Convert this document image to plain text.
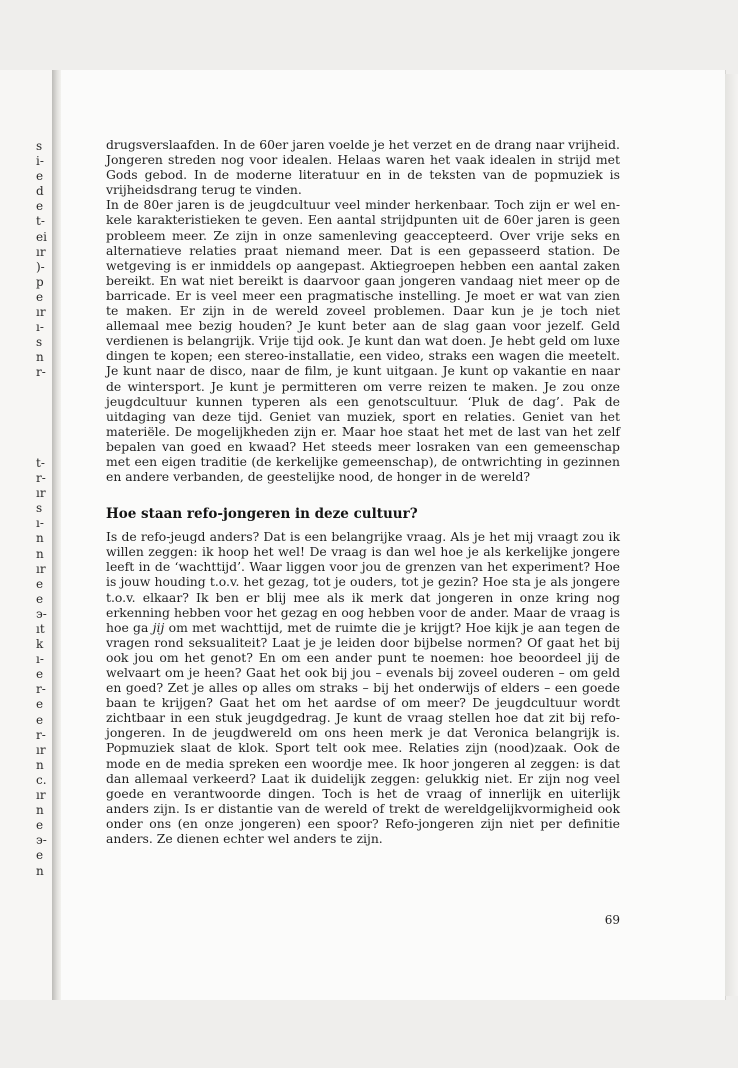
s
i-
e
d
e
t-
ei
ır
)-
p
e
ır
ı-
s
n
r-
t-
r-
ır
s
ı-
n
n
ır
e
e
э-
ıt
k
ı-
e
r-
e
e
r-
ır
n
c.
ır
n
e
э-
e
n

drugsverslaafden. In de 60er jaren voelde je het verzet en de drang naar vrijheid. Jongeren streden nog voor idealen. Helaas waren het vaak idealen in strijd met Gods gebod. In de moderne literatuur en in de teksten van de popmuziek is vrijheidsdrang terug te vinden.

In de 80er jaren is de jeugdcultuur veel minder herkenbaar. Toch zijn er wel enkele karakteristieken te geven. Een aantal strijdpunten uit de 60er jaren is geen probleem meer. Ze zijn in onze samenleving geaccepteerd. Over vrije seks en alternatieve relaties praat niemand meer. Dat is een gepasseerd station. De wetgeving is er inmiddels op aangepast. Aktiegroepen hebben een aantal zaken bereikt. En wat niet bereikt is daarvoor gaan jongeren vandaag niet meer op de barricade. Er is veel meer een pragmatische instelling. Je moet er wat van zien te maken. Er zijn in de wereld zoveel problemen. Daar kun je je toch niet allemaal mee bezig houden? Je kunt beter aan de slag gaan voor jezelf. Geld verdienen is belangrijk. Vrije tijd ook. Je kunt dan wat doen. Je hebt geld om luxe dingen te kopen; een stereo-installatie, een video, straks een wagen die meetelt. Je kunt naar de disco, naar de film, je kunt uitgaan. Je kunt op vakantie en naar de wintersport. Je kunt je permitteren om verre reizen te maken. Je zou onze jeugdcultuur kunnen typeren als een genotscultuur. ‘Pluk de dag’. Pak de uitdaging van deze tijd. Geniet van muziek, sport en relaties. Geniet van het materiële. De mogelijkheden zijn er. Maar hoe staat het met de last van het zelf bepalen van goed en kwaad? Het steeds meer losraken van een gemeenschap met een eigen traditie (de kerkelijke gemeenschap), de ontwrichting in gezinnen en andere verbanden, de geestelijke nood, de honger in de wereld?

Hoe staan refo-jongeren in deze cultuur?

Is de refo-jeugd anders? Dat is een belangrijke vraag. Als je het mij vraagt zou ik willen zeggen: ik hoop het wel! De vraag is dan wel hoe je als kerkelijke jongere leeft in de ‘wachttijd’. Waar liggen voor jou de grenzen van het experiment? Hoe is jouw houding t.o.v. het gezag, tot je ouders, tot je gezin? Hoe sta je als jongere t.o.v. elkaar? Ik ben er blij mee als ik merk dat jongeren in onze kring nog erkenning hebben voor het gezag en oog hebben voor de ander. Maar de vraag is hoe ga jij om met wachttijd, met de ruimte die je krijgt? Hoe kijk je aan tegen de vragen rond seksualiteit? Laat je je leiden door bijbelse normen? Of gaat het bij ook jou om het genot? En om een ander punt te noemen: hoe beoordeel jij de welvaart om je heen? Gaat het ook bij jou – evenals bij zoveel ouderen – om geld en goed? Zet je alles op alles om straks – bij het onderwijs of elders – een goede baan te krijgen? Gaat het om het aardse of om meer? De jeugdcultuur wordt zichtbaar in een stuk jeugdgedrag. Je kunt de vraag stellen hoe dat zit bij refo-jongeren. In de jeugdwereld om ons heen merk je dat Veronica belangrijk is. Popmuziek slaat de klok. Sport telt ook mee. Relaties zijn (nood)zaak. Ook de mode en de media spreken een woordje mee. Ik hoor jongeren al zeggen: is dat dan allemaal verkeerd? Laat ik duidelijk zeggen: gelukkig niet. Er zijn nog veel goede en verantwoorde dingen. Toch is het de vraag of innerlijk en uiterlijk anders zijn. Is er distantie van de wereld of trekt de wereldgelijkvormigheid ook onder ons (en onze jongeren) een spoor? Refo-jongeren zijn niet per definitie anders. Ze dienen echter wel anders te zijn.

69
